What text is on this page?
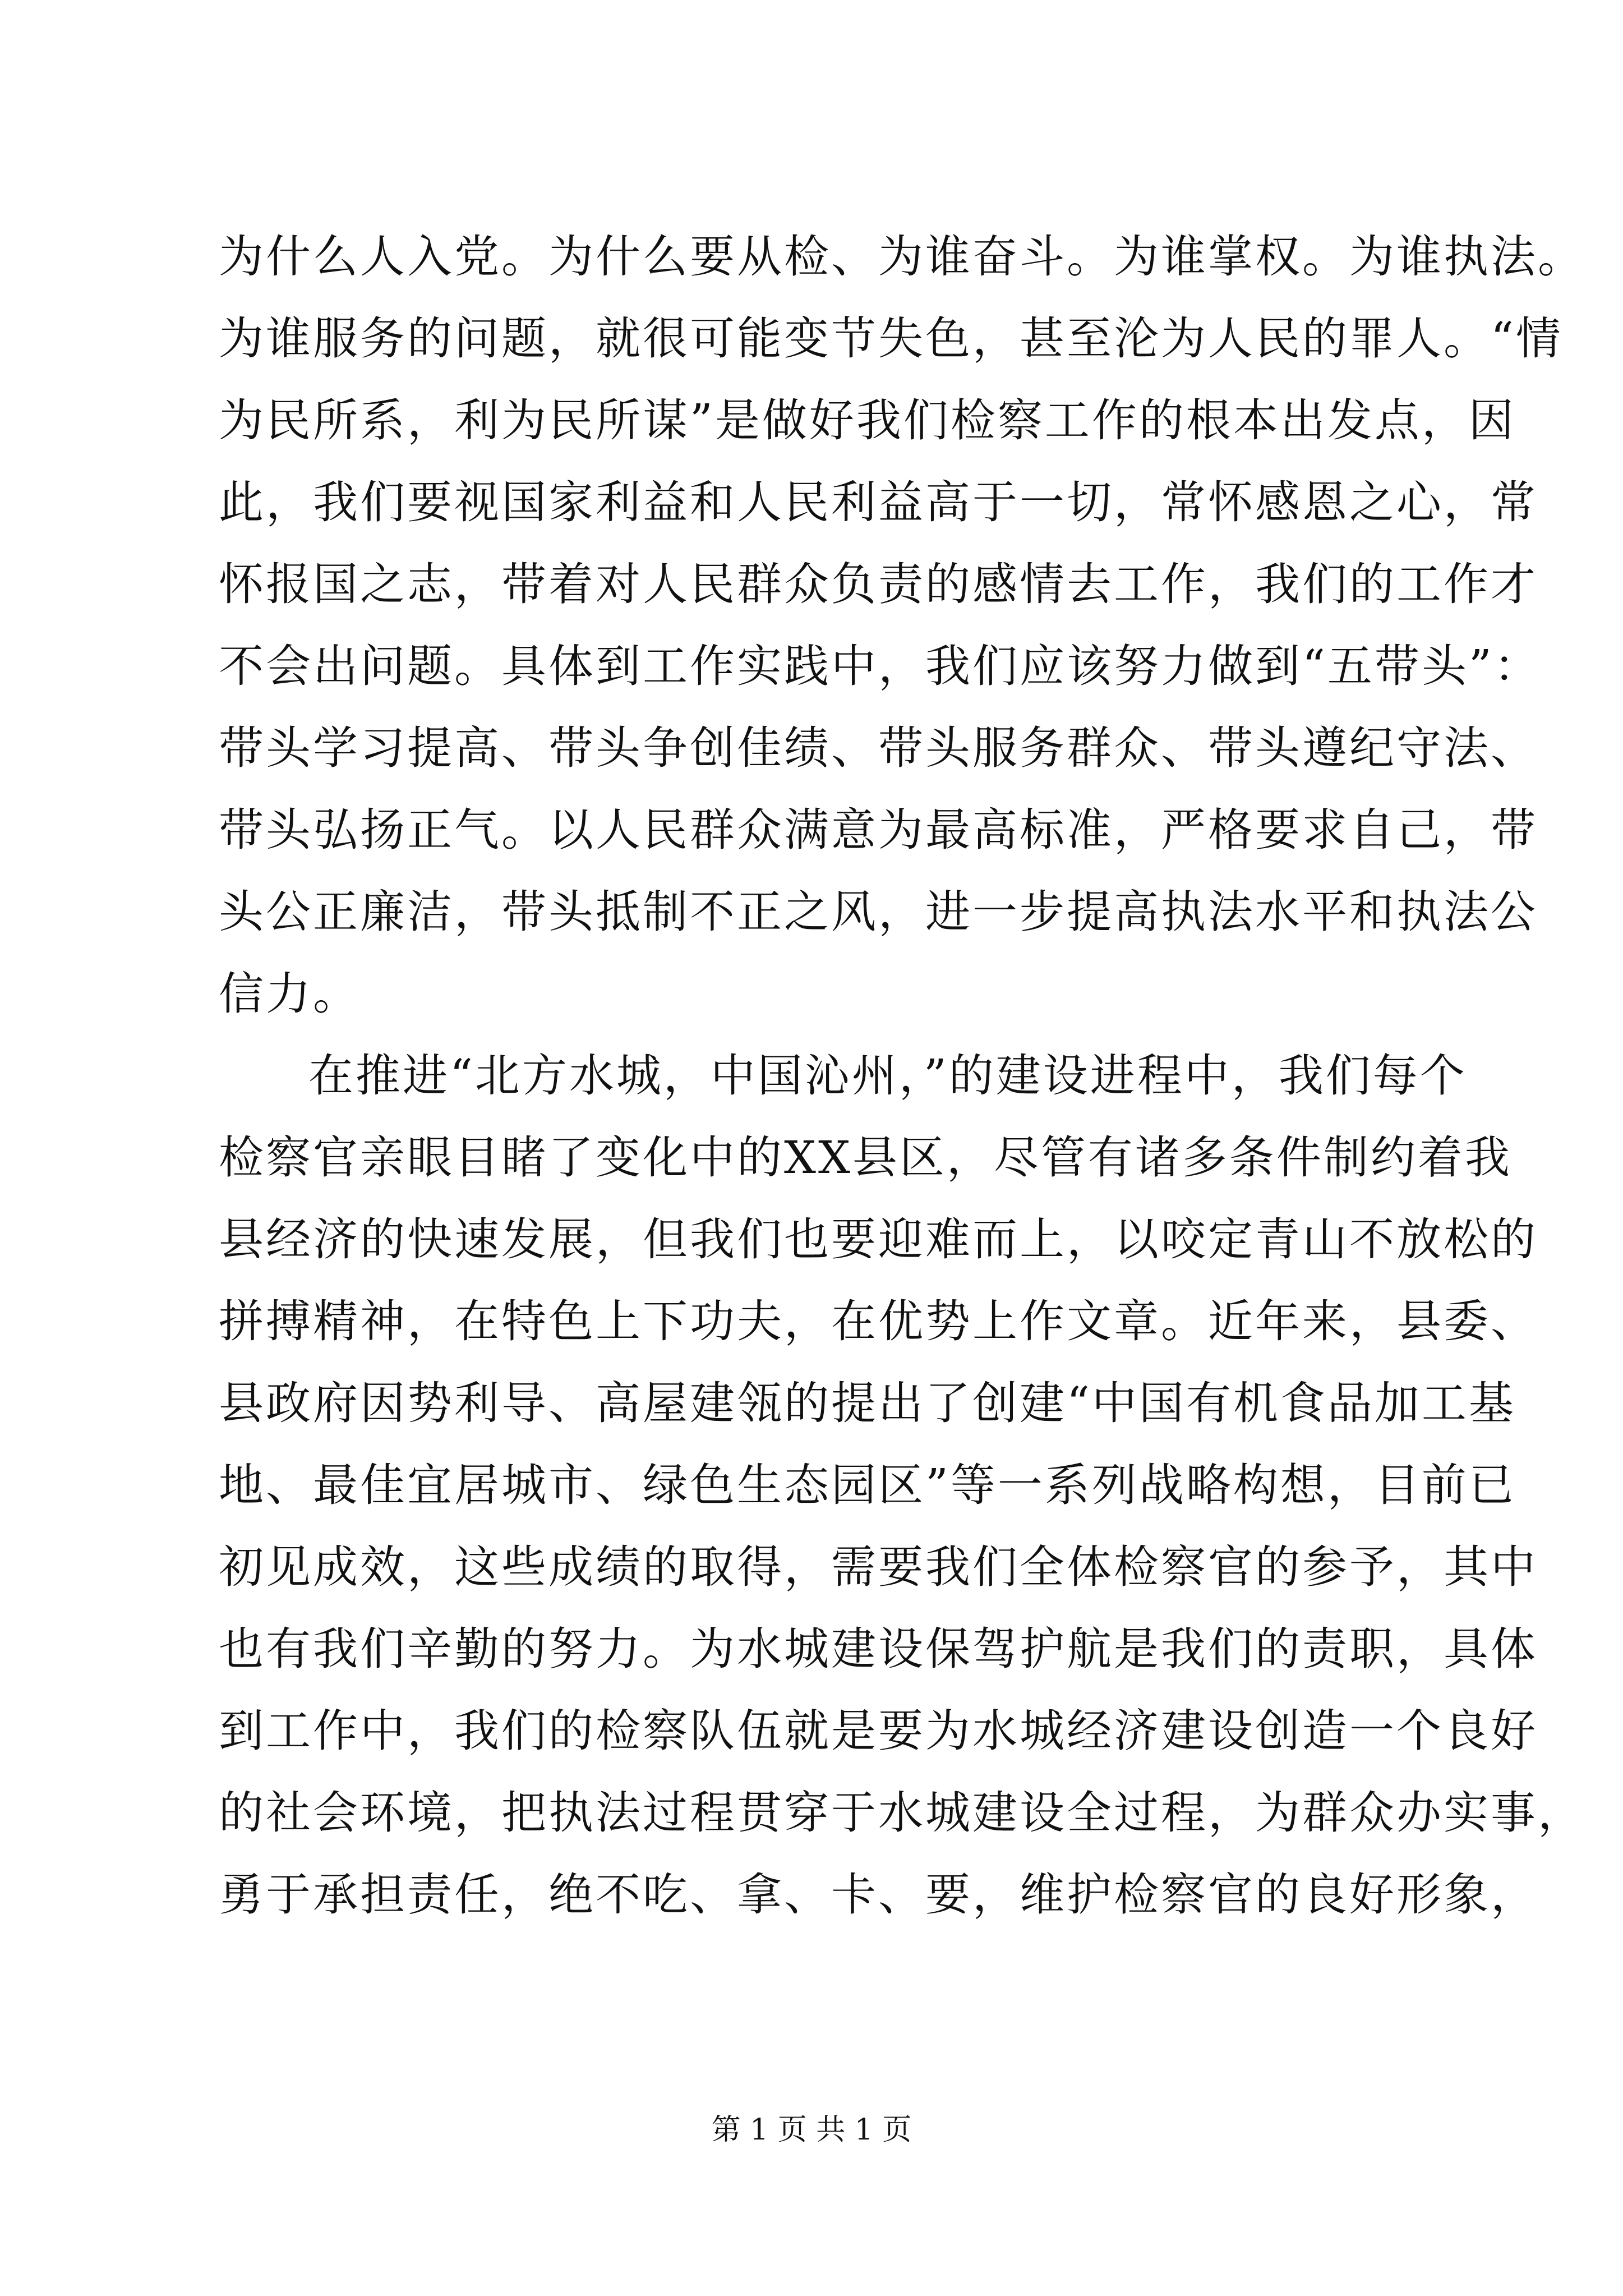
为什么人入党。为什么要从检、为谁奋斗。为谁掌权。为谁执法。
为谁服务的问题，就很可能变节失色，甚至沦为人民的罪人。“情
为民所系，利为民所谋”是做好我们检察工作的根本出发点，因
此，我们要视国家利益和人民利益高于一切，常怀感恩之心，常
怀报国之志，带着对人民群众负责的感情去工作，我们的工作才
不会出问题。具体到工作实践中，我们应该努力做到“五带头”：
带头学习提高、带头争创佳绩、带头服务群众、带头遵纪守法、
带头弘扬正气。以人民群众满意为最高标准，严格要求自己，带
头公正廉洁，带头抵制不正之风，进一步提高执法水平和执法公
信力。
在推进“北方水城，中国沁州，”的建设进程中，我们每个
检察官亲眼目睹了变化中的XX县区，尽管有诸多条件制约着我
县经济的快速发展，但我们也要迎难而上，以咬定青山不放松的
拼搏精神，在特色上下功夫，在优势上作文章。近年来，县委、
县政府因势利导、高屋建瓴的提出了创建“中国有机食品加工基
地、最佳宜居城市、绿色生态园区”等一系列战略构想，目前已
初见成效，这些成绩的取得，需要我们全体检察官的参予，其中
也有我们辛勤的努力。为水城建设保驾护航是我们的责职，具体
到工作中，我们的检察队伍就是要为水城经济建设创造一个良好
的社会环境，把执法过程贯穿于水城建设全过程，为群众办实事，
勇于承担责任，绝不吃、拿、卡、要，维护检察官的良好形象，
第 1 页 共 1 页
